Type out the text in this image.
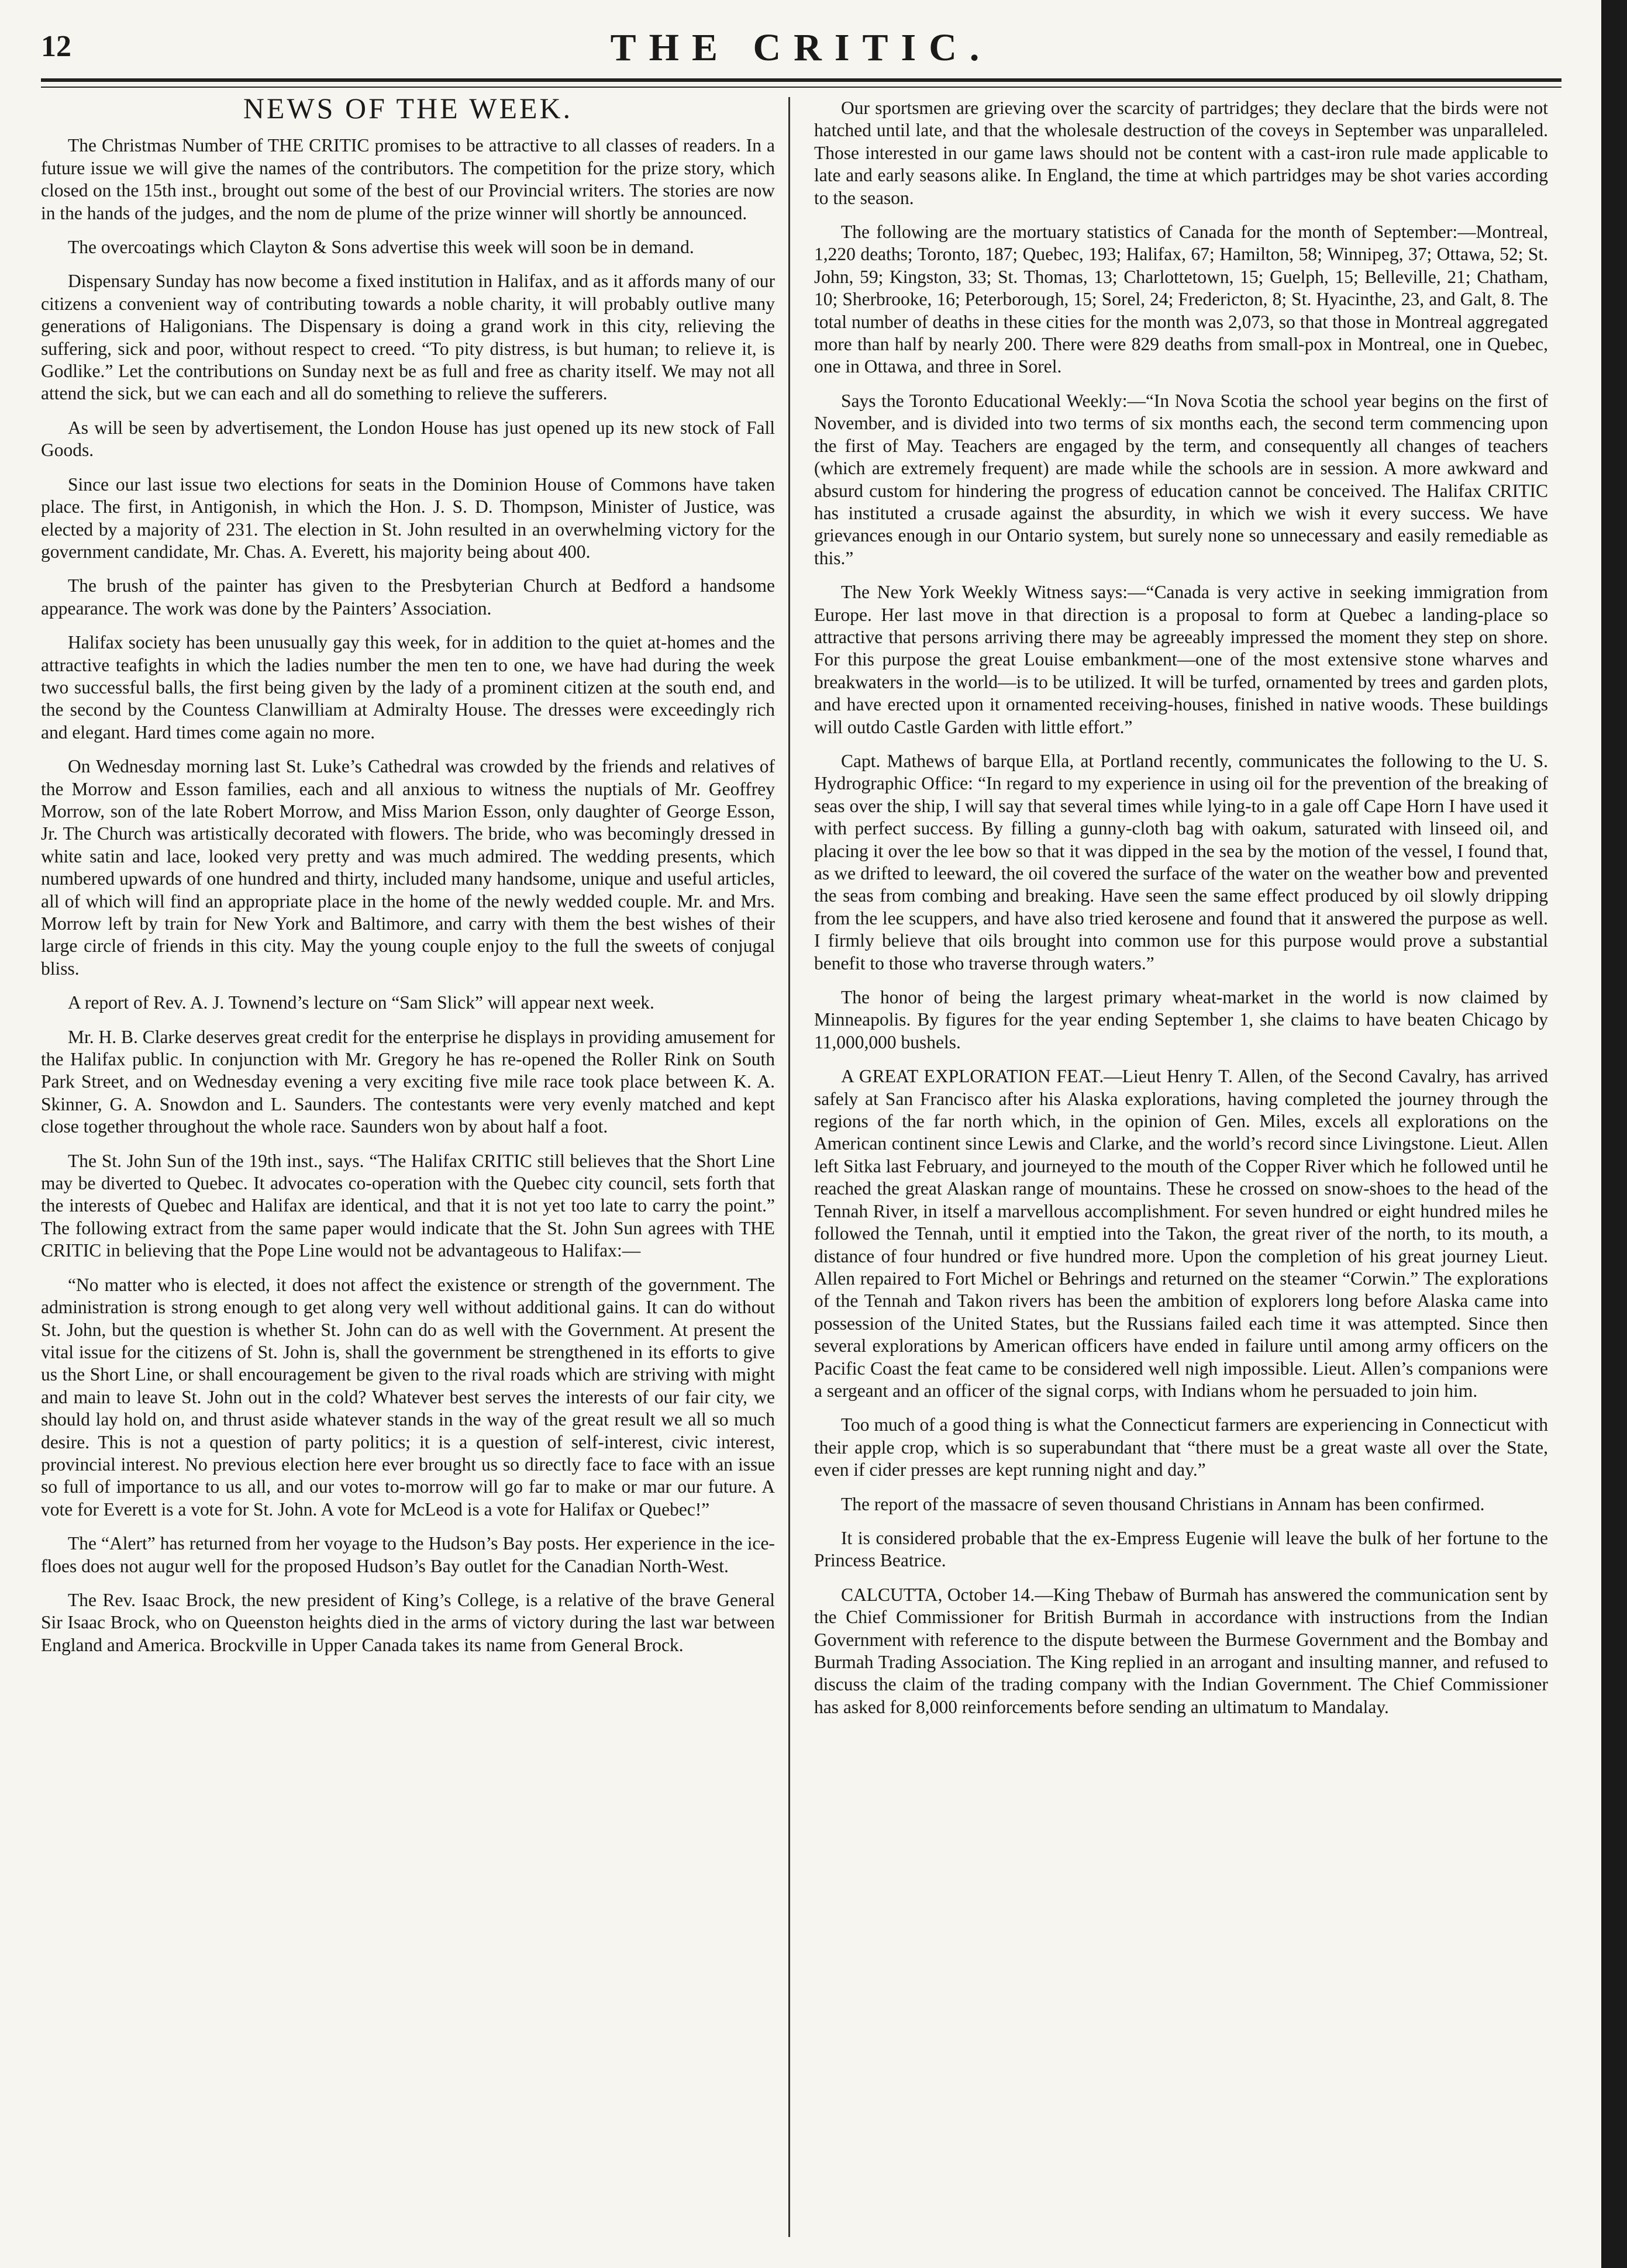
12	THE CRITIC.
NEWS OF THE WEEK.

The Christmas Number of THE CRITIC promises to be attractive to all classes of readers. In a future issue we will give the names of the contributors. The competition for the prize story, which closed on the 15th inst., brought out some of the best of our Provincial writers. The stories are now in the hands of the judges, and the nom de plume of the prize winner will shortly be announced.

The overcoatings which Clayton & Sons advertise this week will soon be in demand.

Dispensary Sunday has now become a fixed institution in Halifax, and as it affords many of our citizens a convenient way of contributing towards a noble charity, it will probably outlive many generations of Haligonians. The Dispensary is doing a grand work in this city, relieving the suffering, sick and poor, without respect to creed. “To pity distress, is but human; to relieve it, is Godlike.” Let the contributions on Sunday next be as full and free as charity itself. We may not all attend the sick, but we can each and all do something to relieve the sufferers.

As will be seen by advertisement, the London House has just opened up its new stock of Fall Goods.

Since our last issue two elections for seats in the Dominion House of Commons have taken place. The first, in Antigonish, in which the Hon. J. S. D. Thompson, Minister of Justice, was elected by a majority of 231. The election in St. John resulted in an overwhelming victory for the government candidate, Mr. Chas. A. Everett, his majority being about 400.

The brush of the painter has given to the Presbyterian Church at Bedford a handsome appearance. The work was done by the Painters’ Association.

Halifax society has been unusually gay this week, for in addition to the quiet at-homes and the attractive teafights in which the ladies number the men ten to one, we have had during the week two successful balls, the first being given by the lady of a prominent citizen at the south end, and the second by the Countess Clanwilliam at Admiralty House. The dresses were exceedingly rich and elegant. Hard times come again no more.

On Wednesday morning last St. Luke’s Cathedral was crowded by the friends and relatives of the Morrow and Esson families, each and all anxious to witness the nuptials of Mr. Geoffrey Morrow, son of the late Robert Morrow, and Miss Marion Esson, only daughter of George Esson, Jr. The Church was artistically decorated with flowers. The bride, who was becomingly dressed in white satin and lace, looked very pretty and was much admired. The wedding presents, which numbered upwards of one hundred and thirty, included many handsome, unique and useful articles, all of which will find an appropriate place in the home of the newly wedded couple. Mr. and Mrs. Morrow left by train for New York and Baltimore, and carry with them the best wishes of their large circle of friends in this city. May the young couple enjoy to the full the sweets of conjugal bliss.

A report of Rev. A. J. Townend’s lecture on “Sam Slick” will appear next week.

Mr. H. B. Clarke deserves great credit for the enterprise he displays in providing amusement for the Halifax public. In conjunction with Mr. Gregory he has re-opened the Roller Rink on South Park Street, and on Wednesday evening a very exciting five mile race took place between K. A. Skinner, G. A. Snowdon and L. Saunders. The contestants were very evenly matched and kept close together throughout the whole race. Saunders won by about half a foot.

The St. John Sun of the 19th inst., says. “The Halifax CRITIC still believes that the Short Line may be diverted to Quebec. It advocates co-operation with the Quebec city council, sets forth that the interests of Quebec and Halifax are identical, and that it is not yet too late to carry the point.” The following extract from the same paper would indicate that the St. John Sun agrees with THE CRITIC in believing that the Pope Line would not be advantageous to Halifax:—

“No matter who is elected, it does not affect the existence or strength of the government. The administration is strong enough to get along very well without additional gains. It can do without St. John, but the question is whether St. John can do as well with the Government. At present the vital issue for the citizens of St. John is, shall the government be strengthened in its efforts to give us the Short Line, or shall encouragement be given to the rival roads which are striving with might and main to leave St. John out in the cold? Whatever best serves the interests of our fair city, we should lay hold on, and thrust aside whatever stands in the way of the great result we all so much desire. This is not a question of party politics; it is a question of self-interest, civic interest, provincial interest. No previous election here ever brought us so directly face to face with an issue so full of importance to us all, and our votes to-morrow will go far to make or mar our future. A vote for Everett is a vote for St. John. A vote for McLeod is a vote for Halifax or Quebec!”

The “Alert” has returned from her voyage to the Hudson’s Bay posts. Her experience in the ice-floes does not augur well for the proposed Hudson’s Bay outlet for the Canadian North-West.

The Rev. Isaac Brock, the new president of King’s College, is a relative of the brave General Sir Isaac Brock, who on Queenston heights died in the arms of victory during the last war between England and America. Brockville in Upper Canada takes its name from General Brock.

Our sportsmen are grieving over the scarcity of partridges; they declare that the birds were not hatched until late, and that the wholesale destruction of the coveys in September was unparalleled. Those interested in our game laws should not be content with a cast-iron rule made applicable to late and early seasons alike. In England, the time at which partridges may be shot varies according to the season.

The following are the mortuary statistics of Canada for the month of September:—Montreal, 1,220 deaths; Toronto, 187; Quebec, 193; Halifax, 67; Hamilton, 58; Winnipeg, 37; Ottawa, 52; St. John, 59; Kingston, 33; St. Thomas, 13; Charlottetown, 15; Guelph, 15; Belleville, 21; Chatham, 10; Sherbrooke, 16; Peterborough, 15; Sorel, 24; Fredericton, 8; St. Hyacinthe, 23, and Galt, 8. The total number of deaths in these cities for the month was 2,073, so that those in Montreal aggregated more than half by nearly 200. There were 829 deaths from small-pox in Montreal, one in Quebec, one in Ottawa, and three in Sorel.

Says the Toronto Educational Weekly:—“In Nova Scotia the school year begins on the first of November, and is divided into two terms of six months each, the second term commencing upon the first of May. Teachers are engaged by the term, and consequently all changes of teachers (which are extremely frequent) are made while the schools are in session. A more awkward and absurd custom for hindering the progress of education cannot be conceived. The Halifax CRITIC has instituted a crusade against the absurdity, in which we wish it every success. We have grievances enough in our Ontario system, but surely none so unnecessary and easily remediable as this.”

The New York Weekly Witness says:—“Canada is very active in seeking immigration from Europe. Her last move in that direction is a proposal to form at Quebec a landing-place so attractive that persons arriving there may be agreeably impressed the moment they step on shore. For this purpose the great Louise embankment—one of the most extensive stone wharves and breakwaters in the world—is to be utilized. It will be turfed, ornamented by trees and garden plots, and have erected upon it ornamented receiving-houses, finished in native woods. These buildings will outdo Castle Garden with little effort.”

Capt. Mathews of barque Ella, at Portland recently, communicates the following to the U. S. Hydrographic Office: “In regard to my experience in using oil for the prevention of the breaking of seas over the ship, I will say that several times while lying-to in a gale off Cape Horn I have used it with perfect success. By filling a gunny-cloth bag with oakum, saturated with linseed oil, and placing it over the lee bow so that it was dipped in the sea by the motion of the vessel, I found that, as we drifted to leeward, the oil covered the surface of the water on the weather bow and prevented the seas from combing and breaking. Have seen the same effect produced by oil slowly dripping from the lee scuppers, and have also tried kerosene and found that it answered the purpose as well. I firmly believe that oils brought into common use for this purpose would prove a substantial benefit to those who traverse through waters.”

The honor of being the largest primary wheat-market in the world is now claimed by Minneapolis. By figures for the year ending September 1, she claims to have beaten Chicago by 11,000,000 bushels.

A GREAT EXPLORATION FEAT.—Lieut Henry T. Allen, of the Second Cavalry, has arrived safely at San Francisco after his Alaska explorations, having completed the journey through the regions of the far north which, in the opinion of Gen. Miles, excels all explorations on the American continent since Lewis and Clarke, and the world’s record since Livingstone. Lieut. Allen left Sitka last February, and journeyed to the mouth of the Copper River which he followed until he reached the great Alaskan range of mountains. These he crossed on snow-shoes to the head of the Tennah River, in itself a marvellous accomplishment. For seven hundred or eight hundred miles he followed the Tennah, until it emptied into the Takon, the great river of the north, to its mouth, a distance of four hundred or five hundred more. Upon the completion of his great journey Lieut. Allen repaired to Fort Michel or Behrings and returned on the steamer “Corwin.” The explorations of the Tennah and Takon rivers has been the ambition of explorers long before Alaska came into possession of the United States, but the Russians failed each time it was attempted. Since then several explorations by American officers have ended in failure until among army officers on the Pacific Coast the feat came to be considered well nigh impossible. Lieut. Allen’s companions were a sergeant and an officer of the signal corps, with Indians whom he persuaded to join him.

Too much of a good thing is what the Connecticut farmers are experiencing in Connecticut with their apple crop, which is so superabundant that “there must be a great waste all over the State, even if cider presses are kept running night and day.”

The report of the massacre of seven thousand Christians in Annam has been confirmed.

It is considered probable that the ex-Empress Eugenie will leave the bulk of her fortune to the Princess Beatrice.

CALCUTTA, October 14.—King Thebaw of Burmah has answered the communication sent by the Chief Commissioner for British Burmah in accordance with instructions from the Indian Government with reference to the dispute between the Burmese Government and the Bombay and Burmah Trading Association. The King replied in an arrogant and insulting manner, and refused to discuss the claim of the trading company with the Indian Government. The Chief Commissioner has asked for 8,000 reinforcements before sending an ultimatum to Mandalay.
